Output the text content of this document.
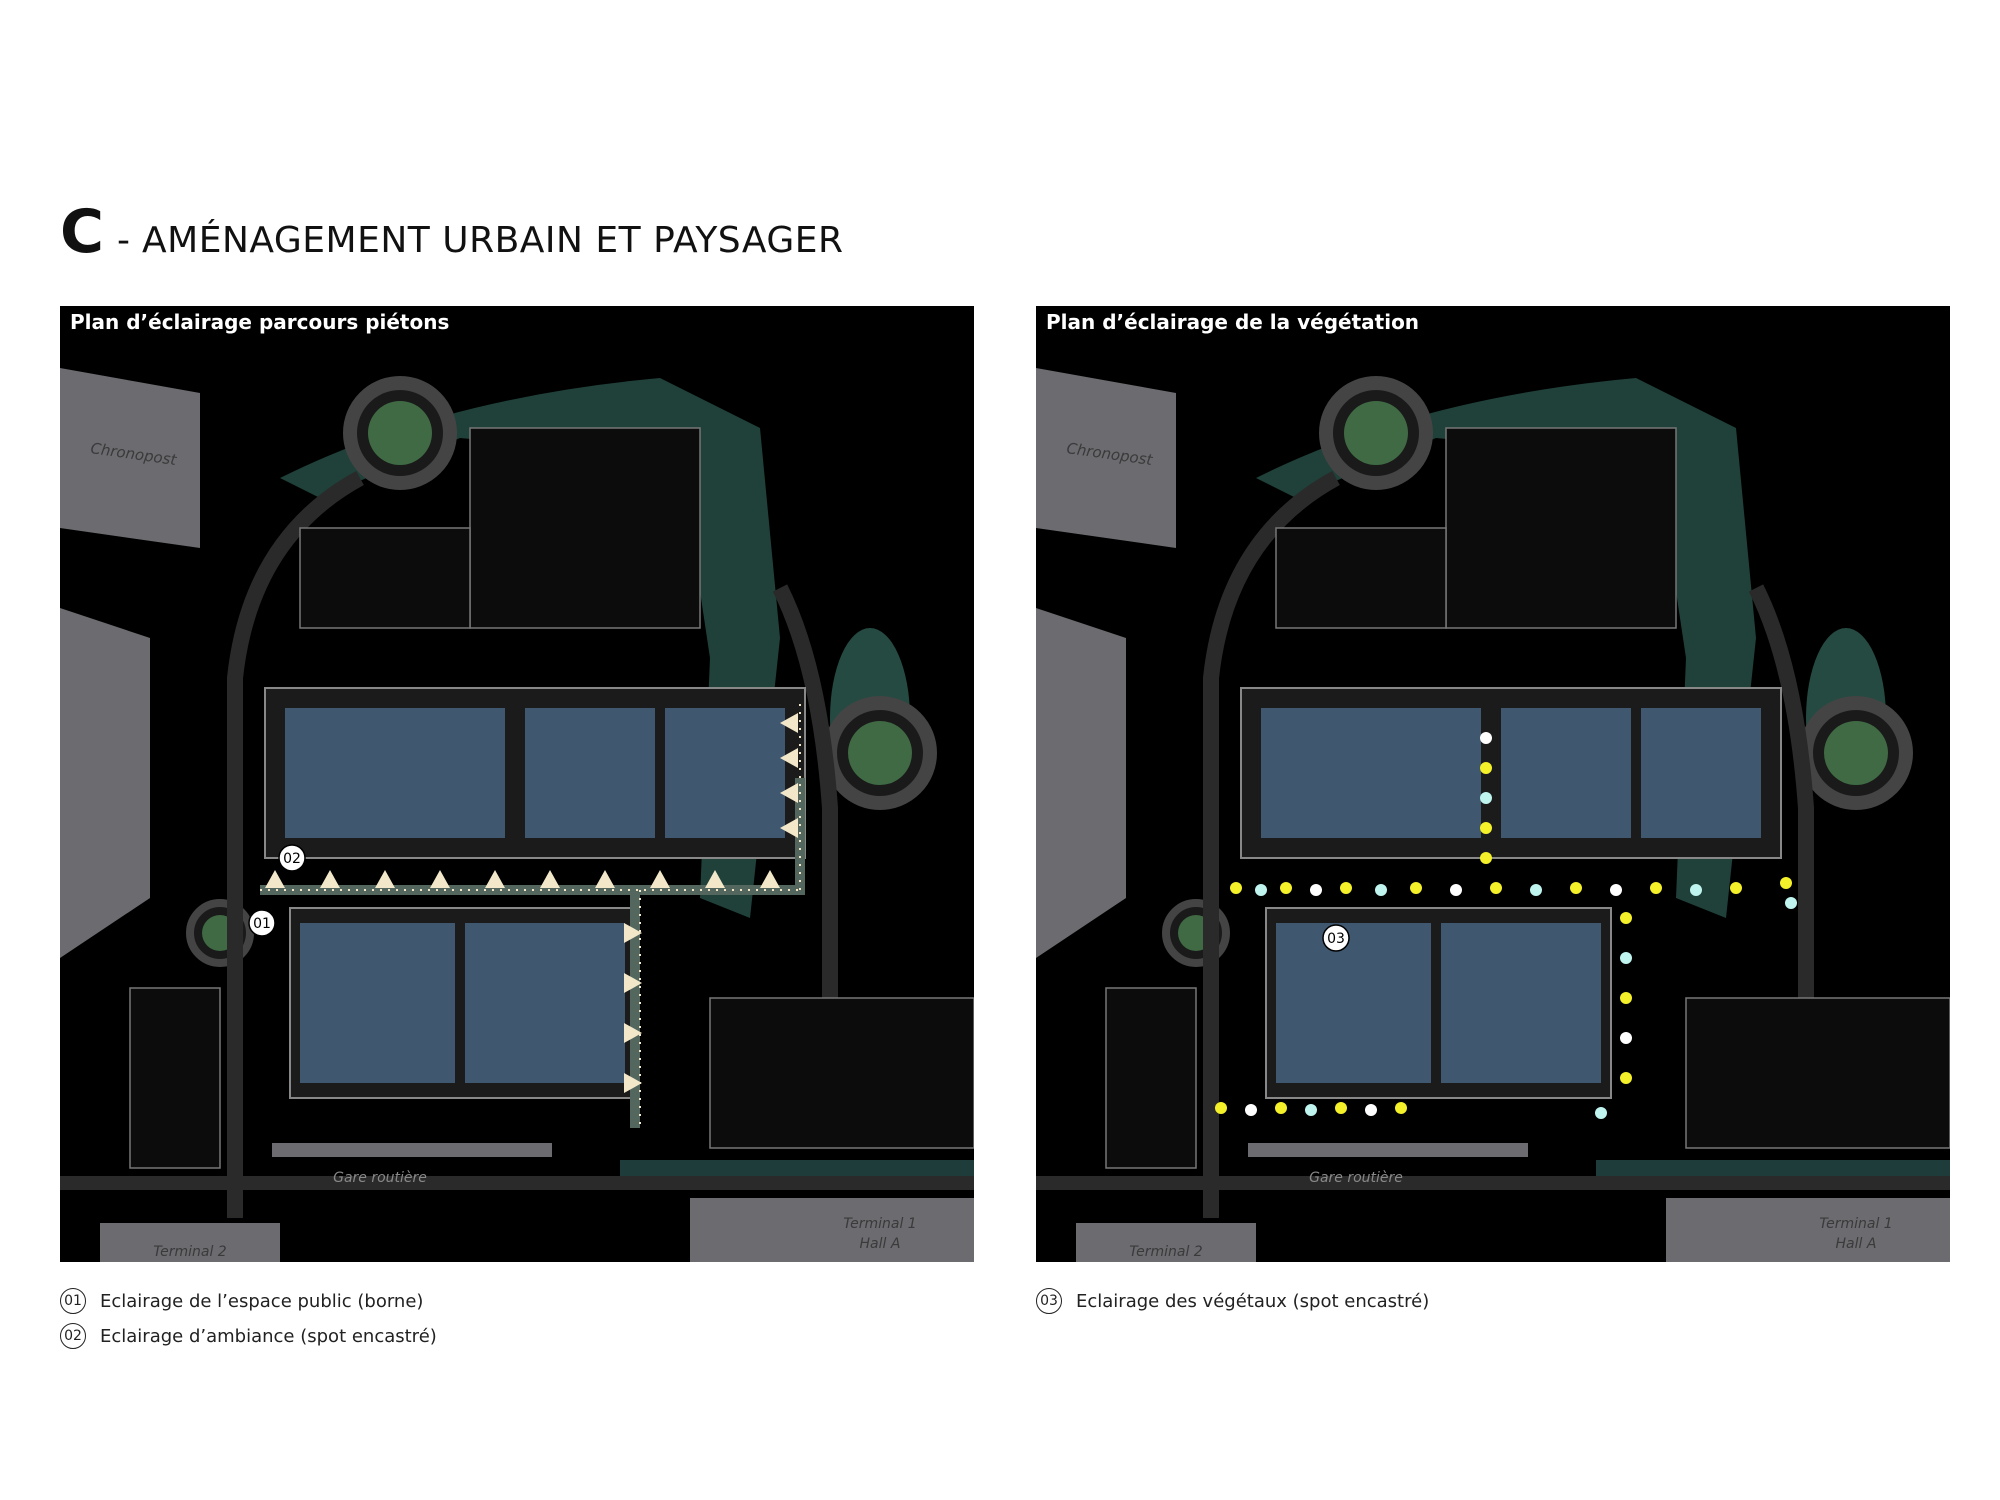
C - AMÉNAGEMENT URBAIN ET PAYSAGER
Plan d’éclairage parcours piétons
02
01
Chronopost
Gare routière
Terminal 1
Hall A
Terminal 2
Plan d’éclairage de la végétation
03
Chronopost
Gare routière
Terminal 1
Hall A
Terminal 2
01 Eclairage de l’espace public (borne)
02 Eclairage d’ambiance (spot encastré)
03 Eclairage des végétaux (spot encastré)
